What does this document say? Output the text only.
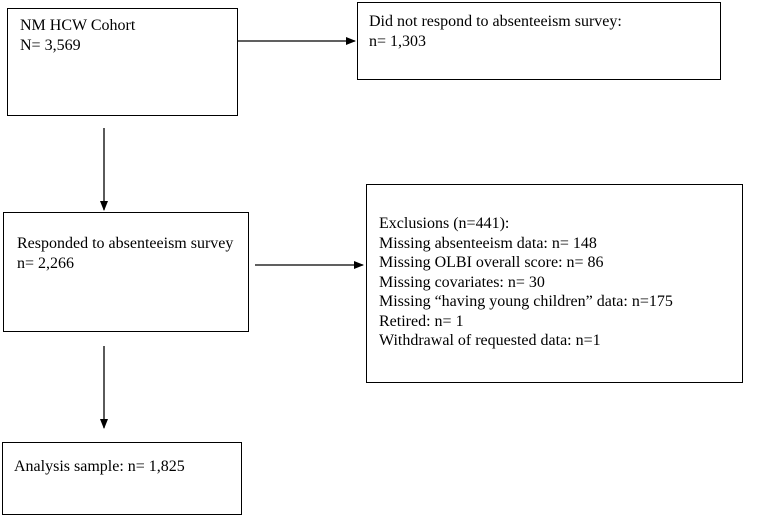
NM HCW Cohort
N= 3,569
Did not respond to absenteeism survey:
n= 1,303
Responded to absenteeism survey
n= 2,266
Exclusions (n=441):
Missing absenteeism data: n= 148
Missing OLBI overall score: n= 86
Missing covariates: n= 30
Missing “having young children” data: n=175
Retired: n= 1
Withdrawal of requested data: n=1
Analysis sample: n= 1,825
